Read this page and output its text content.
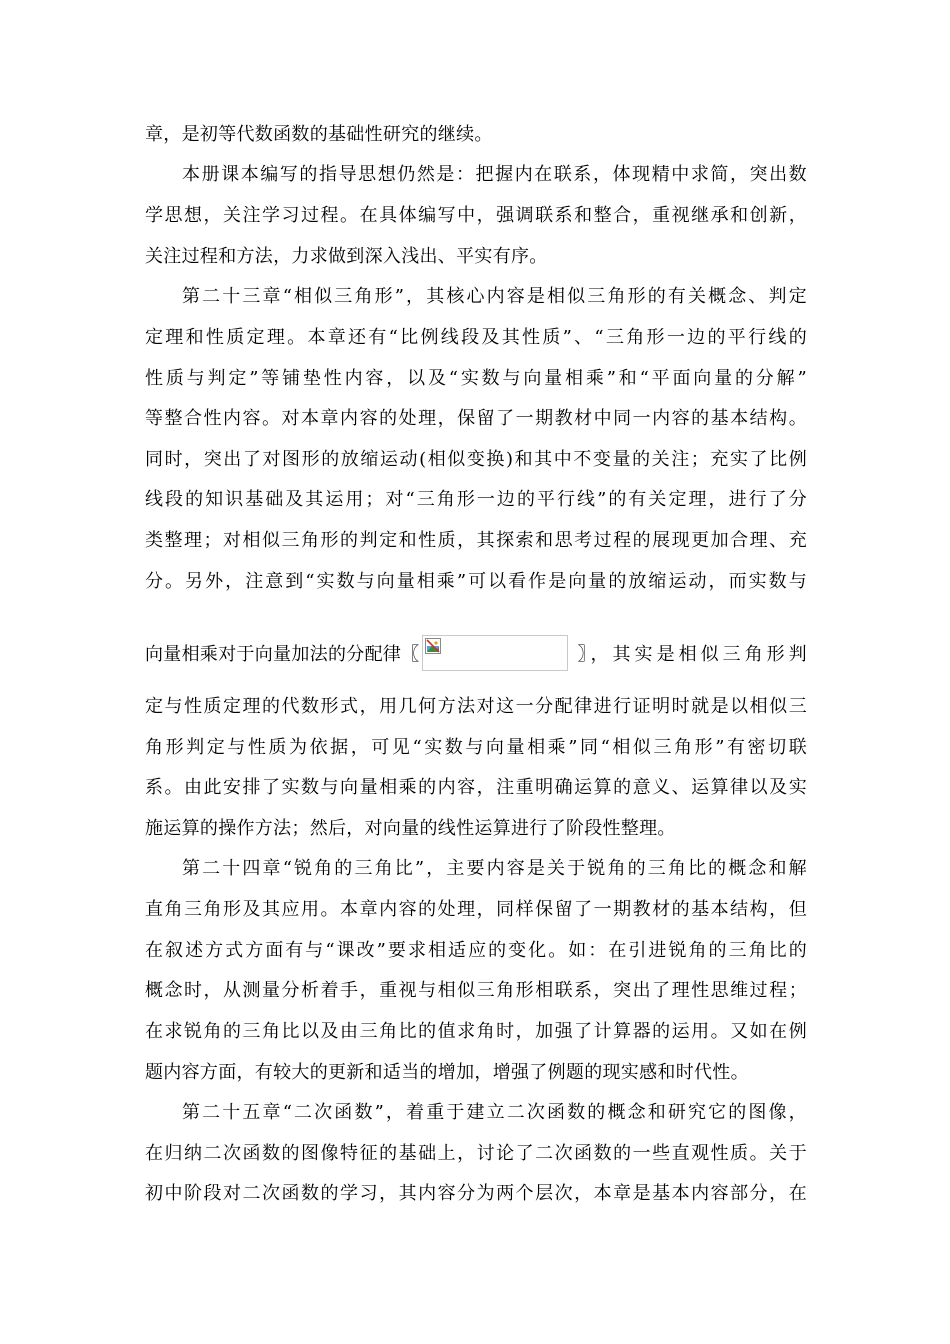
章，是初等代数函数的基础性研究的继续。
本册课本编写的指导思想仍然是：把握内在联系，体现精中求简，突出数
学思想，关注学习过程。在具体编写中，强调联系和整合，重视继承和创新，
关注过程和方法，力求做到深入浅出、平实有序。
第二十三章“相似三角形”，其核心内容是相似三角形的有关概念、判定
定理和性质定理。本章还有“比例线段及其性质”、“三角形一边的平行线的
性质与判定”等铺垫性内容，以及“实数与向量相乘”和“平面向量的分解”
等整合性内容。对本章内容的处理，保留了一期教材中同一内容的基本结构。
同时，突出了对图形的放缩运动(相似变换)和其中不变量的关注；充实了比例
线段的知识基础及其运用；对“三角形一边的平行线”的有关定理，进行了分
类整理；对相似三角形的判定和性质，其探索和思考过程的展现更加合理、充
分。另外，注意到“实数与向量相乘”可以看作是向量的放缩运动，而实数与
向量相乘对于向量加法的分配律〖	〗，其实是相似三角形判
定与性质定理的代数形式，用几何方法对这一分配律进行证明时就是以相似三
角形判定与性质为依据，可见“实数与向量相乘”同“相似三角形”有密切联
系。由此安排了实数与向量相乘的内容，注重明确运算的意义、运算律以及实
施运算的操作方法；然后，对向量的线性运算进行了阶段性整理。
第二十四章“锐角的三角比”，主要内容是关于锐角的三角比的概念和解
直角三角形及其应用。本章内容的处理，同样保留了一期教材的基本结构，但
在叙述方式方面有与“课改”要求相适应的变化。如：在引进锐角的三角比的
概念时，从测量分析着手，重视与相似三角形相联系，突出了理性思维过程；
在求锐角的三角比以及由三角比的值求角时，加强了计算器的运用。又如在例
题内容方面，有较大的更新和适当的增加，增强了例题的现实感和时代性。
第二十五章“二次函数”，着重于建立二次函数的概念和研究它的图像，
在归纳二次函数的图像特征的基础上，讨论了二次函数的一些直观性质。关于
初中阶段对二次函数的学习，其内容分为两个层次，本章是基本内容部分，在
